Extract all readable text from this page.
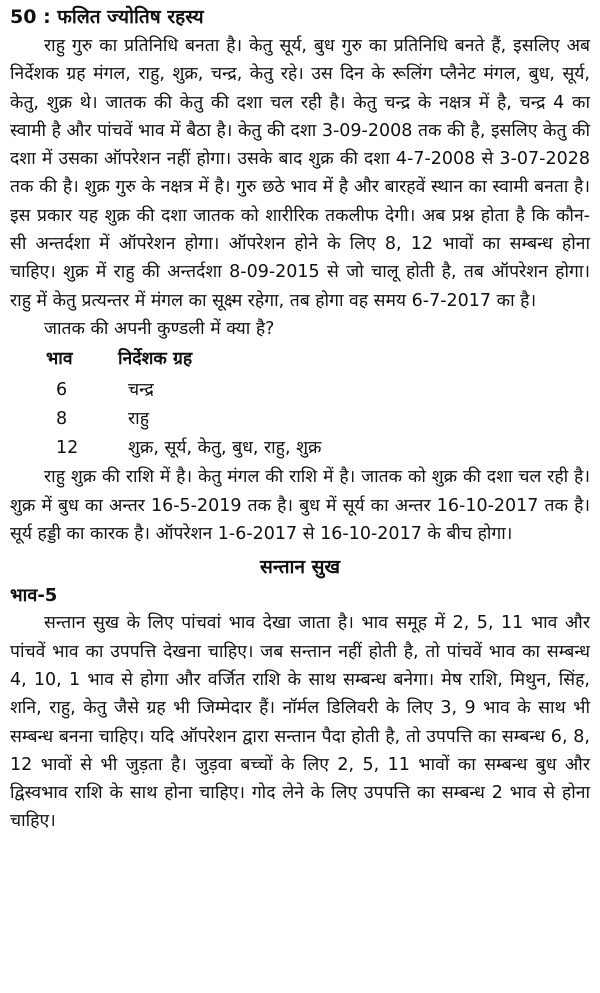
50 : फलित ज्योतिष रहस्य

राहु गुरु का प्रतिनिधि बनता है। केतु सूर्य, बुध गुरु का प्रतिनिधि बनते हैं, इसलिए अब निर्देशक ग्रह मंगल, राहु, शुक्र, चन्द्र, केतु रहे। उस दिन के रूलिंग प्लैनेट मंगल, बुध, सूर्य, केतु, शुक्र थे। जातक की केतु की दशा चल रही है। केतु चन्द्र के नक्षत्र में है, चन्द्र 4 का स्वामी है और पांचवें भाव में बैठा है। केतु की दशा 3-09-2008 तक की है, इसलिए केतु की दशा में उसका ऑपरेशन नहीं होगा। उसके बाद शुक्र की दशा 4-7-2008 से 3-07-2028 तक की है। शुक्र गुरु के नक्षत्र में है। गुरु छठे भाव में है और बारहवें स्थान का स्वामी बनता है। इस प्रकार यह शुक्र की दशा जातक को शारीरिक तकलीफ देगी। अब प्रश्न होता है कि कौन-सी अन्तर्दशा में ऑपरेशन होगा। ऑपरेशन होने के लिए 8, 12 भावों का सम्बन्ध होना चाहिए। शुक्र में राहु की अन्तर्दशा 8-09-2015 से जो चालू होती है, तब ऑपरेशन होगा। राहु में केतु प्रत्यन्तर में मंगल का सूक्ष्म रहेगा, तब होगा वह समय 6-7-2017 का है।

जातक की अपनी कुण्डली में क्या है?

भाव	निर्देशक ग्रह
6	चन्द्र
8	राहु
12	शुक्र, सूर्य, केतु, बुध, राहु, शुक्र

राहु शुक्र की राशि में है। केतु मंगल की राशि में है। जातक को शुक्र की दशा चल रही है। शुक्र में बुध का अन्तर 16-5-2019 तक है। बुध में सूर्य का अन्तर 16-10-2017 तक है। सूर्य हड्डी का कारक है। ऑपरेशन 1-6-2017 से 16-10-2017 के बीच होगा।

सन्तान सुख
भाव-5

सन्तान सुख के लिए पांचवां भाव देखा जाता है। भाव समूह में 2, 5, 11 भाव और पांचवें भाव का उपपत्ति देखना चाहिए। जब सन्तान नहीं होती है, तो पांचवें भाव का सम्बन्ध 4, 10, 1 भाव से होगा और वर्जित राशि के साथ सम्बन्ध बनेगा। मेष राशि, मिथुन, सिंह, शनि, राहु, केतु जैसे ग्रह भी जिम्मेदार हैं। नॉर्मल डिलिवरी के लिए 3, 9 भाव के साथ भी सम्बन्ध बनना चाहिए। यदि ऑपरेशन द्वारा सन्तान पैदा होती है, तो उपपत्ति का सम्बन्ध 6, 8, 12 भावों से भी जुड़ता है। जुड़वा बच्चों के लिए 2, 5, 11 भावों का सम्बन्ध बुध और द्विस्वभाव राशि के साथ होना चाहिए। गोद लेने के लिए उपपत्ति का सम्बन्ध 2 भाव से होना चाहिए।
